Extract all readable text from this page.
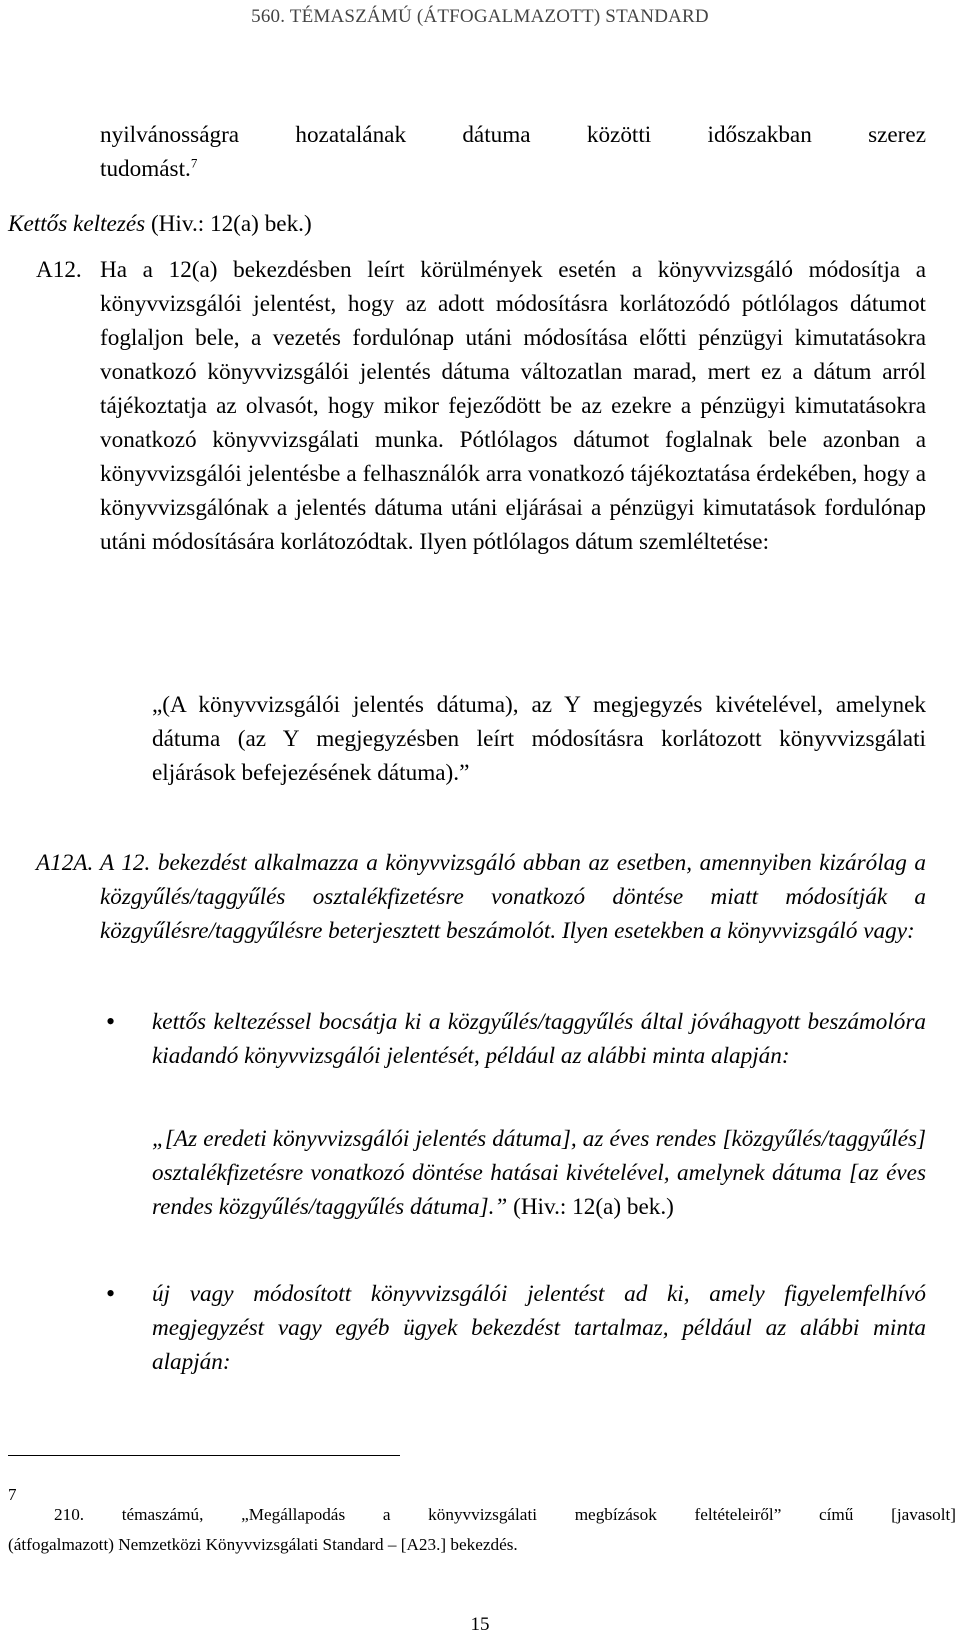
560. TÉMASZÁMÚ (ÁTFOGALMAZOTT) STANDARD

nyilvánosságra hozatalának dátuma közötti időszakban szerez

tudomást.$^7$

Kettős keltezés (Hiv.: 12(a) bek.)
A12. Ha a 12(a) bekezdésben leírt körülmények esetén a könyvvizsgáló módosítja a könyvvizsgálói jelentést, hogy az adott módosításra korlátozódó pótlólagos dátumot foglaljon bele, a vezetés fordulónap utáni módosítása előtti pénzügyi kimutatásokra vonatkozó könyvvizsgálói jelentés dátuma változatlan marad, mert ez a dátum arról tájékoztatja az olvasót, hogy mikor fejeződött be az ezekre a pénzügyi kimutatásokra vonatkozó könyvvizsgálati munka. Pótlólagos dátumot foglalnak bele azonban a könyvvizsgálói jelentésbe a felhasználók arra vonatkozó tájékoztatása érdekében, hogy a könyvvizsgálónak a jelentés dátuma utáni eljárásai a pénzügyi kimutatások fordulónap utáni módosítására korlátozódtak. Ilyen pótlólagos dátum szemléltetése:

„(A könyvvizsgálói jelentés dátuma), az Y megjegyzés kivételével, amelynek dátuma (az Y megjegyzésben leírt módosításra korlátozott könyvvizsgálati eljárások befejezésének dátuma).”

A12A. A 12. bekezdést alkalmazza a könyvvizsgáló abban az esetben, amennyiben kizárólag a közgyűlés/taggyűlés osztalékfizetésre vonatkozó döntése miatt módosítják a közgyűlésre/taggyűlésre beterjesztett beszámolót. Ilyen esetekben a könyvvizsgáló vagy:

• kettős keltezéssel bocsátja ki a közgyűlés/taggyűlés által jóváhagyott beszámolóra kiadandó könyvvizsgálói jelentését, például az alábbi minta alapján:

„[Az eredeti könyvvizsgálói jelentés dátuma], az éves rendes [közgyűlés/taggyűlés] osztalékfizetésre vonatkozó döntése hatásai kivételével, amelynek dátuma [az éves rendes közgyűlés/taggyűlés dátuma].” (Hiv.: 12(a) bek.)

• új vagy módosított könyvvizsgálói jelentést ad ki, amely figyelemfelhívó megjegyzést vagy egyéb ügyek bekezdést tartalmaz, például az alábbi minta alapján:

7
210. témaszámú, „Megállapodás a könyvvizsgálati megbízások feltételeiről” című [javasolt]
(átfogalmazott) Nemzetközi Könyvvizsgálati Standard – [A23.] bekezdés.
15
